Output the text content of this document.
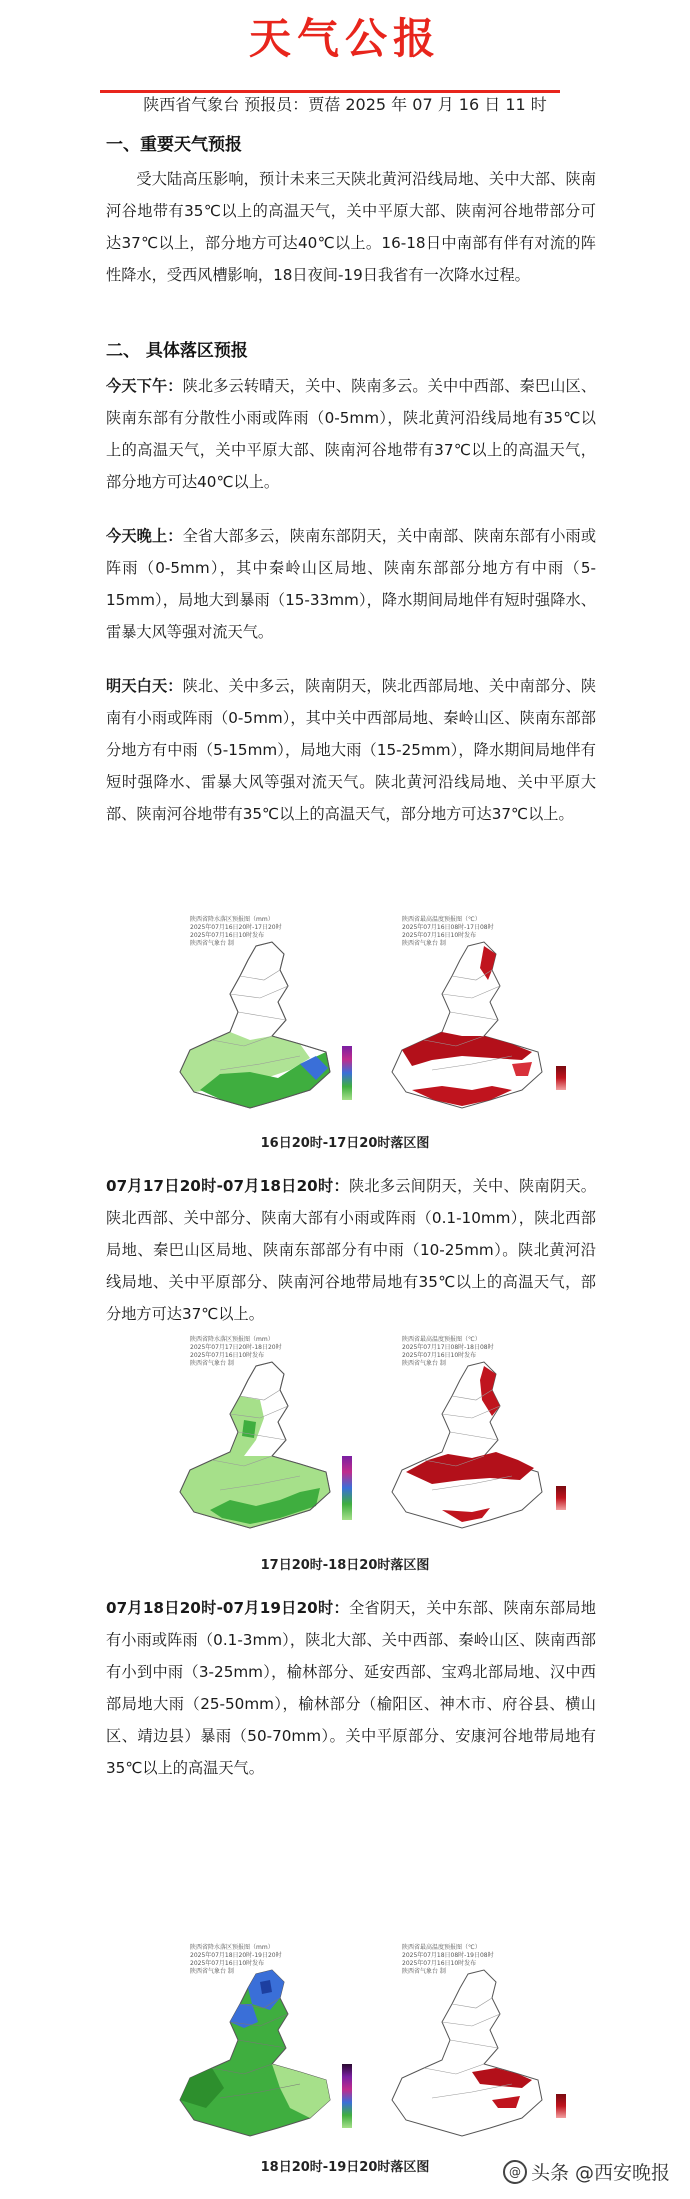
天气公报
陕西省气象台 预报员：贾蓓 2025 年 07 月 16 日 11 时
一、重要天气预报
受大陆高压影响，预计未来三天陕北黄河沿线局地、关中大部、陕南河谷地带有35℃以上的高温天气，关中平原大部、陕南河谷地带部分可达37℃以上，部分地方可达40℃以上。16-18日中南部有伴有对流的阵性降水，受西风槽影响，18日夜间-19日我省有一次降水过程。
二、 具体落区预报
今天下午：陕北多云转晴天，关中、陕南多云。关中中西部、秦巴山区、陕南东部有分散性小雨或阵雨（0-5mm），陕北黄河沿线局地有35℃以上的高温天气，关中平原大部、陕南河谷地带有37℃以上的高温天气，部分地方可达40℃以上。
今天晚上：全省大部多云，陕南东部阴天，关中南部、陕南东部有小雨或阵雨（0-5mm），其中秦岭山区局地、陕南东部部分地方有中雨（5-15mm），局地大到暴雨（15-33mm），降水期间局地伴有短时强降水、雷暴大风等强对流天气。
明天白天：陕北、关中多云，陕南阴天，陕北西部局地、关中南部分、陕南有小雨或阵雨（0-5mm），其中关中西部局地、秦岭山区、陕南东部部分地方有中雨（5-15mm），局地大雨（15-25mm），降水期间局地伴有短时强降水、雷暴大风等强对流天气。陕北黄河沿线局地、关中平原大部、陕南河谷地带有35℃以上的高温天气，部分地方可达37℃以上。
陕西省降水落区预报图（mm）
2025年07月16日20时-17日20时
2025年07月16日10时发布
陕西省气象台 制
陕西省最高温度预报图（℃）
2025年07月16日08时-17日08时
2025年07月16日10时发布
陕西省气象台 制
16日20时-17日20时落区图
07月17日20时-07月18日20时：陕北多云间阴天，关中、陕南阴天。陕北西部、关中部分、陕南大部有小雨或阵雨（0.1-10mm），陕北西部局地、秦巴山区局地、陕南东部部分有中雨（10-25mm）。陕北黄河沿线局地、关中平原部分、陕南河谷地带局地有35℃以上的高温天气，部分地方可达37℃以上。
陕西省降水落区预报图（mm）
2025年07月17日20时-18日20时
2025年07月16日10时发布
陕西省气象台 制
陕西省最高温度预报图（℃）
2025年07月17日08时-18日08时
2025年07月16日10时发布
陕西省气象台 制
17日20时-18日20时落区图
07月18日20时-07月19日20时：全省阴天，关中东部、陕南东部局地有小雨或阵雨（0.1-3mm），陕北大部、关中西部、秦岭山区、陕南西部有小到中雨（3-25mm），榆林部分、延安西部、宝鸡北部局地、汉中西部局地大雨（25-50mm），榆林部分（榆阳区、神木市、府谷县、横山区、靖边县）暴雨（50-70mm）。关中平原部分、安康河谷地带局地有35℃以上的高温天气。
陕西省降水落区预报图（mm）
2025年07月18日20时-19日20时
2025年07月16日10时发布
陕西省气象台 制
陕西省最高温度预报图（℃）
2025年07月18日08时-19日08时
2025年07月16日10时发布
陕西省气象台 制
18日20时-19日20时落区图	@ 头条 @西安晚报
